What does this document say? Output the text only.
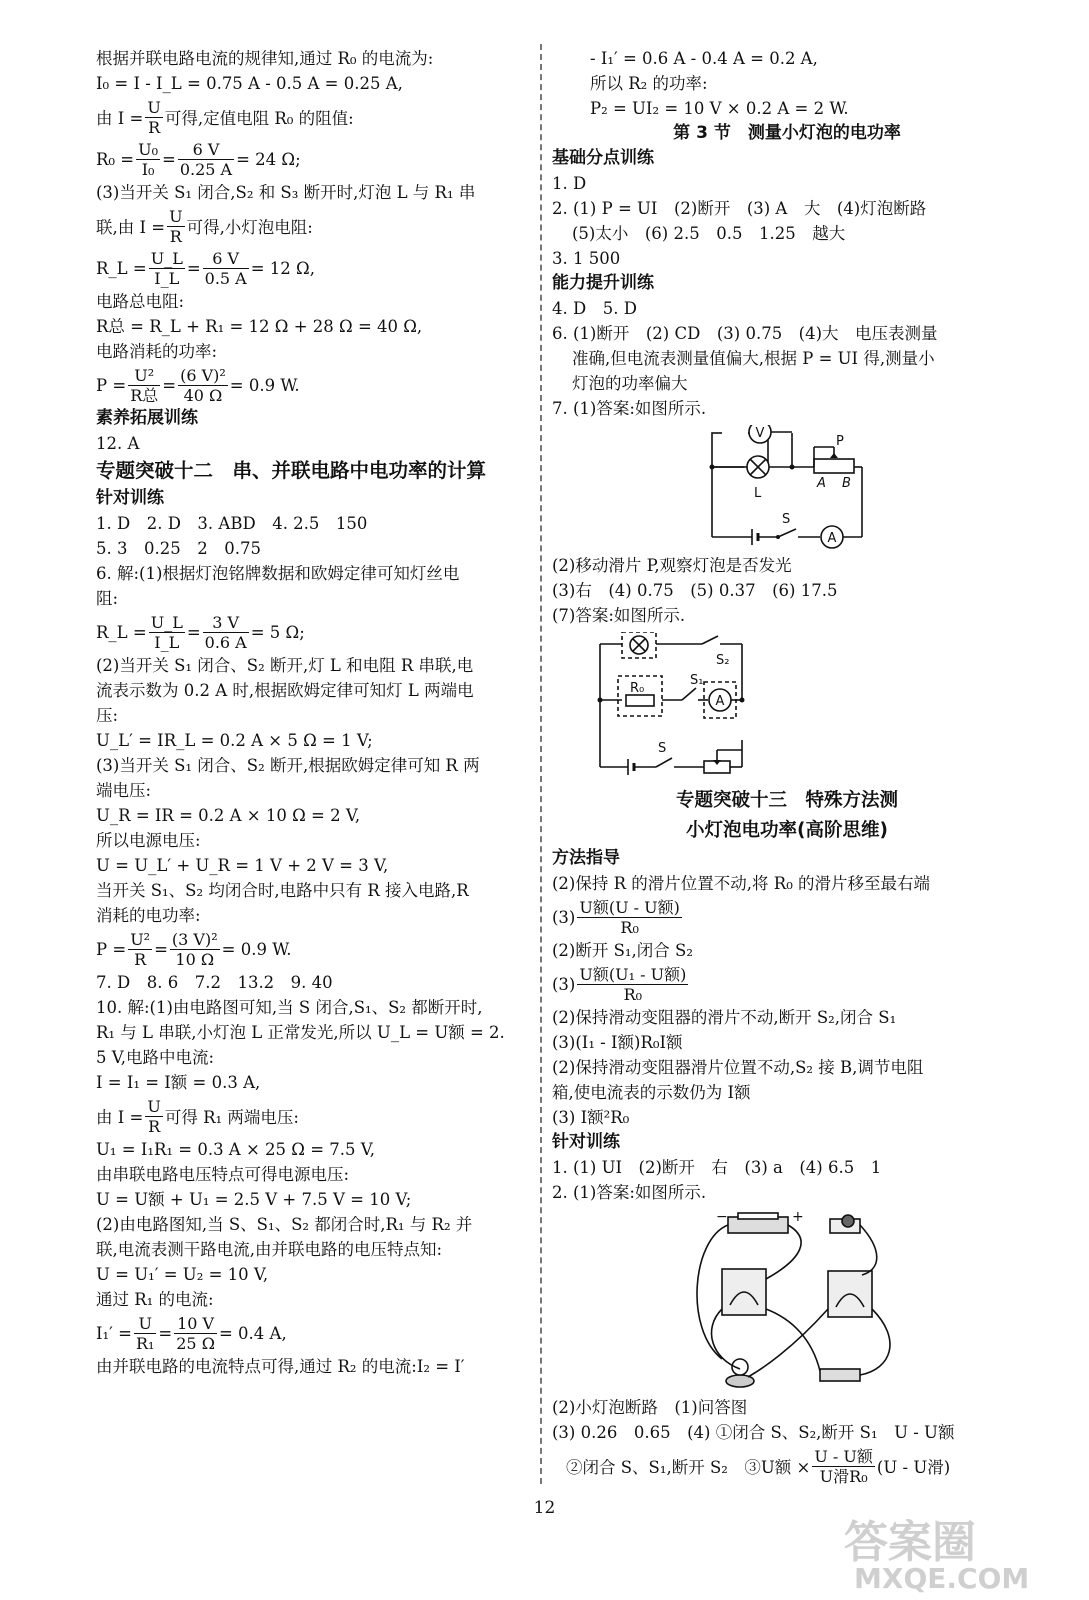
根据并联电路电流的规律知,通过 R₀ 的电流为:

I₀ = I - I_L = 0.75 A - 0.5 A = 0.25 A,

由 $I = \frac{U}{R}$ 可得,定值电阻 R₀ 的阻值:
$R_0 = \frac{\text{U₀}}{\text{I₀}} = \frac{6 V}{0.25 A} = 24$ Ω;

(3)当开关 S₁ 闭合,S₂ 和 S₃ 断开时,灯泡 L 与 R₁ 串

联,由 $I = \frac{U}{R}$ 可得,小灯泡电阻:
R_L = $\frac{U\_L}{I\_L} = \frac{6 V}{0.5 A} = 12$ Ω,

电路总电阻:

R总 = R_L + R₁ = 12 Ω + 28 Ω = 40 Ω,

电路消耗的功率:

$P = \frac{\text{U²}}{\text{R总}} = \frac{\text{(6 V)²}}{40 \Omega} = 0.9$ W.
素养拓展训练

12. A

专题突破十二　串、并联电路中电功率的计算
针对训练

1. D　2. D　3. ABD　4. 2.5　150

5. 3　0.25　2　0.75

6. 解:(1)根据灯泡铭牌数据和欧姆定律可知灯丝电

阻:

R_L = $\frac{U\_L}{I\_L} = \frac{3 V}{0.6 A} = 5$ Ω;

(2)当开关 S₁ 闭合、S₂ 断开,灯 L 和电阻 R 串联,电

流表示数为 0.2 A 时,根据欧姆定律可知灯 L 两端电

压:

U_L′ = IR_L = 0.2 A × 5 Ω = 1 V;

(3)当开关 S₁ 闭合、S₂ 断开,根据欧姆定律可知 R 两

端电压:

U_R = IR = 0.2 A × 10 Ω = 2 V,

所以电源电压:

U = U_L′ + U_R = 1 V + 2 V = 3 V,

当开关 S₁、S₂ 均闭合时,电路中只有 R 接入电路,R

消耗的电功率:

$P = \frac{\text{U²}}{R} = \frac{\text{(3 V)²}}{10 \Omega} = 0.9$ W.

7. D　8. 6　7.2　13.2　9. 40

10. 解:(1)由电路图可知,当 S 闭合,S₁、S₂ 都断开时,

R₁ 与 L 串联,小灯泡 L 正常发光,所以 U_L = U额 = 2.

5 V,电路中电流:

I = I₁ = I额 = 0.3 A,

由 $I = \frac{U}{R}$ 可得 R₁ 两端电压:

U₁ = I₁R₁ = 0.3 A × 25 Ω = 7.5 V,

由串联电路电压特点可得电源电压:

U = U额 + U₁ = 2.5 V + 7.5 V = 10 V;

(2)由电路图知,当 S、S₁、S₂ 都闭合时,R₁ 与 R₂ 并

联,电流表测干路电流,由并联电路的电压特点知:

U = U₁′ = U₂ = 10 V,

通过 R₁ 的电流:

$I_1' = \frac{U}{\text{R₁}} = \frac{10 V}{25 \Omega} = 0.4$ A,

由并联电路的电流特点可得,通过 R₂ 的电流:I₂ = I′

- I₁′ = 0.6 A - 0.4 A = 0.2 A,

所以 R₂ 的功率:

P₂ = UI₂ = 10 V × 0.2 A = 2 W.

第 3 节　测量小灯泡的电功率
基础分点训练

1. D

2. (1) P = UI　(2)断开　(3) A　大　(4)灯泡断路

(5)太小　(6) 2.5　0.5　1.25　越大

3. 1 500

能力提升训练

4. D　5. D

6. (1)断开　(2) CD　(3) 0.75　(4)大　电压表测量

准确,但电流表测量值偏大,根据 P = UI 得,测量小

灯泡的功率偏大

7. (1)答案:如图所示.

V
P
A B
L
S
A

(2)移动滑片 P,观察灯泡是否发光

(3)右　(4) 0.75　(5) 0.37　(6) 17.5

(7)答案:如图所示.

S₂
S₁
R₀
A
S
专题突破十三　特殊方法测
小灯泡电功率(高阶思维)
方法指导

(2)保持 R 的滑片位置不动,将 R₀ 的滑片移至最右端

$(3) \frac{\text{U额(U - U额)}}{\text{R₀}}$

(2)断开 S₁,闭合 S₂

$(3) \frac{\text{U额(U₁ - U额)}}{\text{R₀}}$

(2)保持滑动变阻器的滑片不动,断开 S₂,闭合 S₁

(3)(I₁ - I额)R₀I额

(2)保持滑动变阻器滑片位置不动,S₂ 接 B,调节电阻

箱,使电流表的示数仍为 I额

(3) I额²R₀

针对训练

1. (1) UI　(2)断开　右　(3) a　(4) 6.5　1

2. (1)答案:如图所示.

−	+

(2)小灯泡断路　(1)问答图

(3) 0.26　0.65　(4) ①闭合 S、S₂,断开 S₁　U - U额

②闭合 S、S₁,断开 S₂　③U额 × $\frac{\text{U - U额}}{\text{U滑R₀}} (U$ - U滑)
12
答案圈
MXQE.COM
